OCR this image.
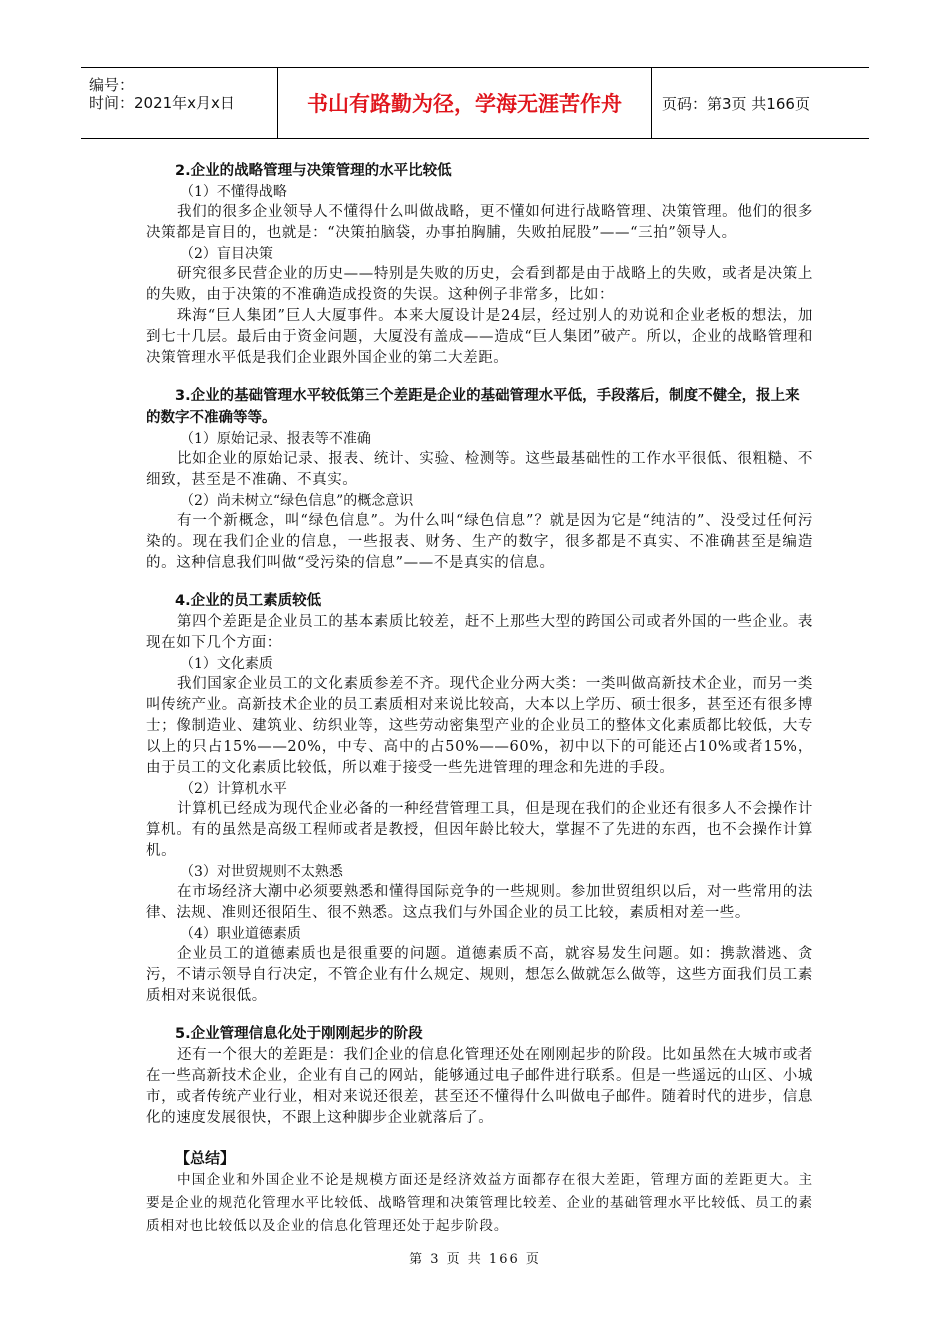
编号：
时间：2021年x月x日	书山有路勤为径，学海无涯苦作舟	页码：第3页 共166页
2.企业的战略管理与决策管理的水平比较低
（1）不懂得战略
我们的很多企业领导人不懂得什么叫做战略，更不懂如何进行战略管理、决策管理。他们的很多决策都是盲目的，也就是：“决策拍脑袋，办事拍胸脯，失败拍屁股”——“三拍”领导人。
（2）盲目决策
研究很多民营企业的历史——特别是失败的历史，会看到都是由于战略上的失败，或者是决策上的失败，由于决策的不准确造成投资的失误。这种例子非常多，比如：
珠海“巨人集团”巨人大厦事件。本来大厦设计是24层，经过别人的劝说和企业老板的想法，加到七十几层。最后由于资金问题，大厦没有盖成——造成“巨人集团”破产。所以，企业的战略管理和决策管理水平低是我们企业跟外国企业的第二大差距。
3.企业的基础管理水平较低第三个差距是企业的基础管理水平低，手段落后，制度不健全，报上来的数字不准确等等。
（1）原始记录、报表等不准确
比如企业的原始记录、报表、统计、实验、检测等。这些最基础性的工作水平很低、很粗糙、不细致，甚至是不准确、不真实。
（2）尚未树立“绿色信息”的概念意识
有一个新概念，叫“绿色信息”。为什么叫“绿色信息”？就是因为它是“纯洁的”、没受过任何污染的。现在我们企业的信息，一些报表、财务、生产的数字，很多都是不真实、不准确甚至是编造的。这种信息我们叫做“受污染的信息”——不是真实的信息。
4.企业的员工素质较低
第四个差距是企业员工的基本素质比较差，赶不上那些大型的跨国公司或者外国的一些企业。表现在如下几个方面：
（1）文化素质
我们国家企业员工的文化素质参差不齐。现代企业分两大类：一类叫做高新技术企业，而另一类叫传统产业。高新技术企业的员工素质相对来说比较高，大本以上学历、硕士很多，甚至还有很多博士；像制造业、建筑业、纺织业等，这些劳动密集型产业的企业员工的整体文化素质都比较低，大专以上的只占15%——20%，中专、高中的占50%——60%，初中以下的可能还占10%或者15%，由于员工的文化素质比较低，所以难于接受一些先进管理的理念和先进的手段。
（2）计算机水平
计算机已经成为现代企业必备的一种经营管理工具，但是现在我们的企业还有很多人不会操作计算机。有的虽然是高级工程师或者是教授，但因年龄比较大，掌握不了先进的东西，也不会操作计算机。
（3）对世贸规则不太熟悉
在市场经济大潮中必须要熟悉和懂得国际竞争的一些规则。参加世贸组织以后，对一些常用的法律、法规、准则还很陌生、很不熟悉。这点我们与外国企业的员工比较，素质相对差一些。
（4）职业道德素质
企业员工的道德素质也是很重要的问题。道德素质不高，就容易发生问题。如：携款潜逃、贪污，不请示领导自行决定，不管企业有什么规定、规则，想怎么做就怎么做等，这些方面我们员工素质相对来说很低。
5.企业管理信息化处于刚刚起步的阶段
还有一个很大的差距是：我们企业的信息化管理还处在刚刚起步的阶段。比如虽然在大城市或者在一些高新技术企业，企业有自己的网站，能够通过电子邮件进行联系。但是一些遥远的山区、小城市，或者传统产业行业，相对来说还很差，甚至还不懂得什么叫做电子邮件。随着时代的进步，信息化的速度发展很快，不跟上这种脚步企业就落后了。
【总结】
中国企业和外国企业不论是规模方面还是经济效益方面都存在很大差距，管理方面的差距更大。主要是企业的规范化管理水平比较低、战略管理和决策管理比较差、企业的基础管理水平比较低、员工的素质相对也比较低以及企业的信息化管理还处于起步阶段。
第 3 页 共 166 页
